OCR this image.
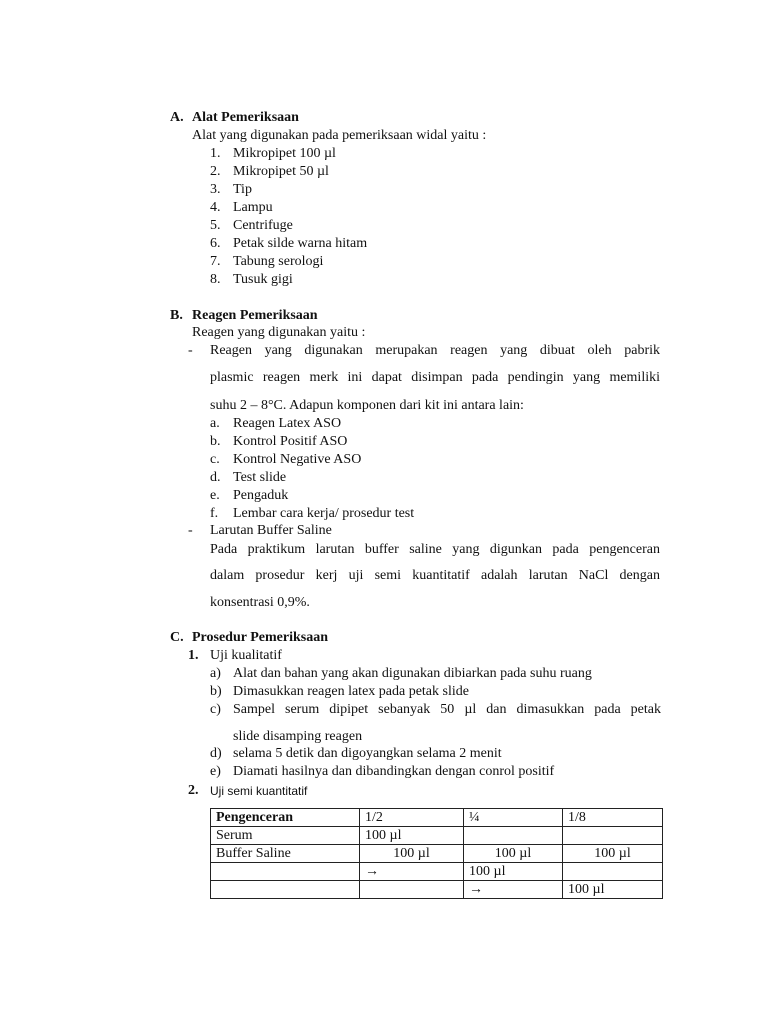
A. Alat Pemeriksaan
Alat yang digunakan pada pemeriksaan widal yaitu :
1. Mikropipet 100 µl
2. Mikropipet 50 µl
3. Tip
4. Lampu
5. Centrifuge
6. Petak silde warna hitam
7. Tabung serologi
8. Tusuk gigi
B. Reagen Pemeriksaan
Reagen yang digunakan yaitu :
- Reagen yang digunakan merupakan reagen yang dibuat oleh pabrik
plasmic reagen merk ini dapat disimpan pada pendingin yang memiliki
suhu 2 – 8°C. Adapun komponen dari kit ini antara lain:
a. Reagen Latex ASO
b. Kontrol Positif ASO
c. Kontrol Negative ASO
d. Test slide
e. Pengaduk
f. Lembar cara kerja/ prosedur test
- Larutan Buffer Saline
Pada praktikum larutan buffer saline yang digunkan pada pengenceran
dalam prosedur kerj uji semi kuantitatif adalah larutan NaCl dengan
konsentrasi 0,9%.
C. Prosedur Pemeriksaan
1. Uji kualitatif
a) Alat dan bahan yang akan digunakan dibiarkan pada suhu ruang
b) Dimasukkan reagen latex pada petak slide
c) Sampel serum dipipet sebanyak 50 µl dan dimasukkan pada petak
slide disamping reagen
d) selama 5 detik dan digoyangkan selama 2 menit
e) Diamati hasilnya dan dibandingkan dengan conrol positif
2. Uji semi kuantitatif
Pengenceran	1/2	¼	1/8
Serum	100 µl		
Buffer Saline	100 µl	100 µl	100 µl
	→	100 µl	
		→	100 µl
